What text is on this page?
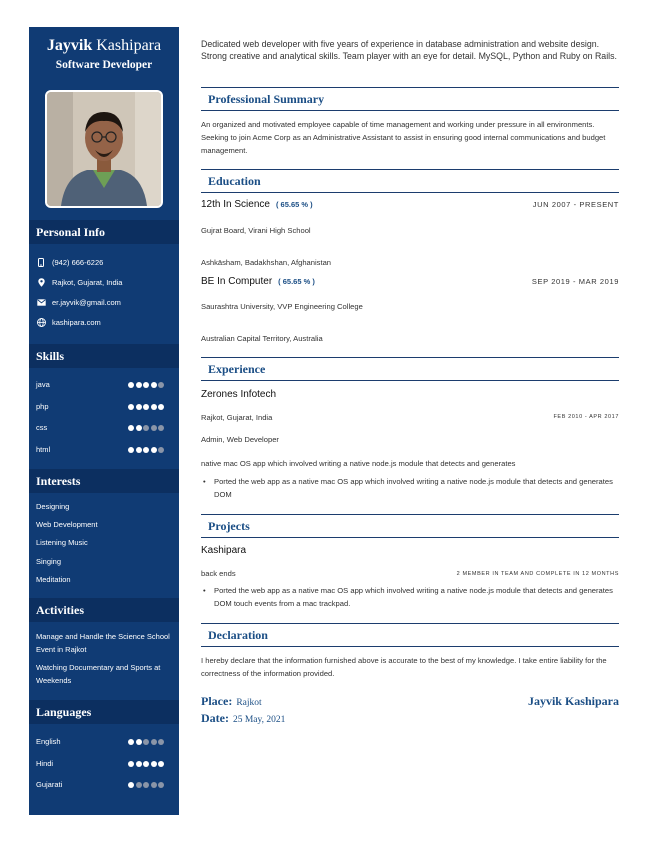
Jayvik Kashipara
Software Developer
Personal Info
(942) 666-6226
Rajkot, Gujarat, India
er.jayvik@gmail.com
kashipara.com
Skills
java
php
css
html
Interests
Designing
Web Development
Listening Music
Singing
Meditation
Activities
Manage and Handle the Science School Event in Rajkot
Watching Documentary and Sports at Weekends
Languages
English
Hindi
Gujarati
Dedicated web developer with five years of experience in database administration and website design. Strong creative and analytical skills. Team player with an eye for detail. MySQL, Python and Ruby on Rails.
Professional Summary
An organized and motivated employee capable of time management and working under pressure in all environments. Seeking to join Acme Corp as an Administrative Assistant to assist in ensuring good internal communications and budget management.
Education
12th In Science ( 65.65 % )	JUN 2007 - PRESENT
Gujrat Board, Virani High School
Ashkāsham, Badakhshan, Afghanistan
BE In Computer ( 65.65 % )	SEP 2019 - MAR 2019
Saurashtra University, VVP Engineering College
Australian Capital Territory, Australia
Experience
Zerones Infotech
Rajkot, Gujarat, India	FEB 2010 - APR 2017
Admin, Web Developer
native mac OS app which involved writing a native node.js module that detects and generates
• Ported the web app as a native mac OS app which involved writing a native node.js module that detects and generates DOM
Projects
Kashipara
back ends	2 MEMBER IN TEAM AND COMPLETE IN 12 MONTHS
• Ported the web app as a native mac OS app which involved writing a native node.js module that detects and generates DOM touch events from a mac trackpad.
Declaration
I hereby declare that the information furnished above is accurate to the best of my knowledge. I take entire liability for the correctness of the information provided.
Place: Rajkot
Date: 25 May, 2021
Jayvik Kashipara
